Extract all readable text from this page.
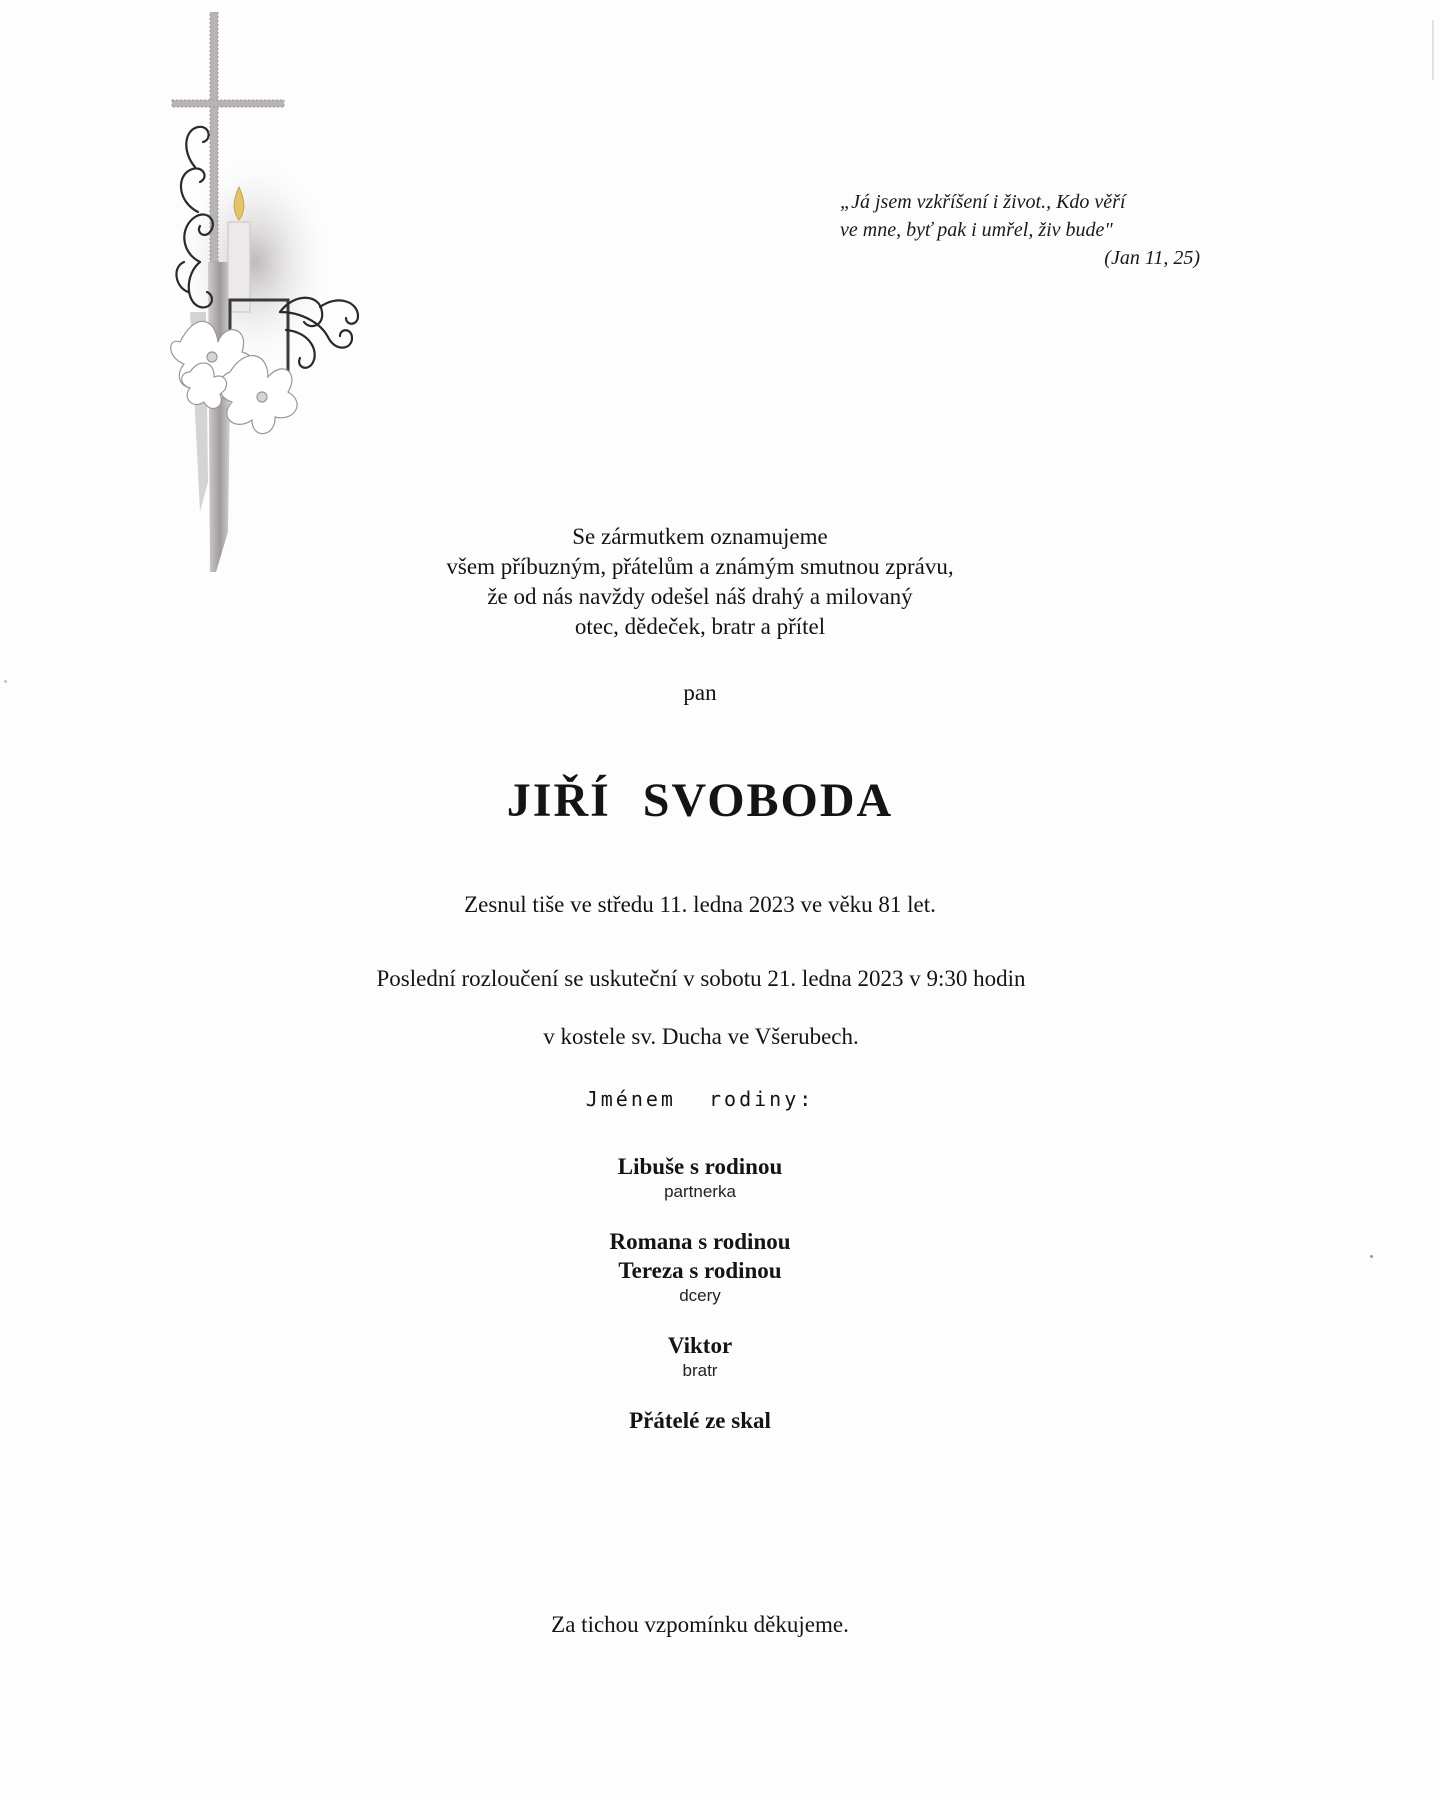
„Já jsem vzkříšení i život., Kdo věří
ve mne, byť pak i umřel, živ bude"
(Jan 11, 25)
Se zármutkem oznamujeme
všem příbuzným, přátelům a známým smutnou zprávu,
že od nás navždy odešel náš drahý a milovaný
otec, dědeček, bratr a přítel
pan
JIŘÍ SVOBODA
Zesnul tiše ve středu 11. ledna 2023 ve věku 81 let.
Poslední rozloučení se uskuteční v sobotu 21. ledna 2023 v 9:30 hodin
v kostele sv. Ducha ve Všerubech.
Jménem rodiny:
Libuše s rodinou
partnerka
Romana s rodinou
Tereza s rodinou
dcery
Viktor
bratr
Přátelé ze skal
Za tichou vzpomínku děkujeme.
